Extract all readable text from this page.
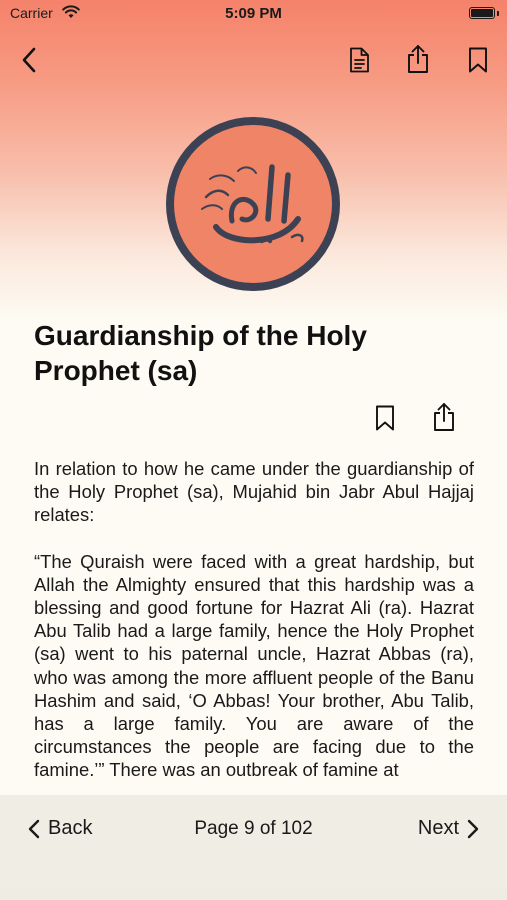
Carrier	5:09 PM
Guardianship of the Holy Prophet (sa)

In relation to how he came under the guardianship of the Holy Prophet (sa), Mujahid bin Jabr Abul Hajjaj relates:

“The Quraish were faced with a great hardship, but Allah the Almighty ensured that this hardship was a blessing and good fortune for Hazrat Ali (ra). Hazrat Abu Talib had a large family, hence the Holy Prophet (sa) went to his paternal uncle, Hazrat Abbas (ra), who was among the more affluent people of the Banu Hashim and said, ‘O Abbas! Your brother, Abu Talib, has a large family. You are aware of the circumstances the people are facing due to the famine.’” There was an outbreak of famine at

Back	Page 9 of 102	Next
